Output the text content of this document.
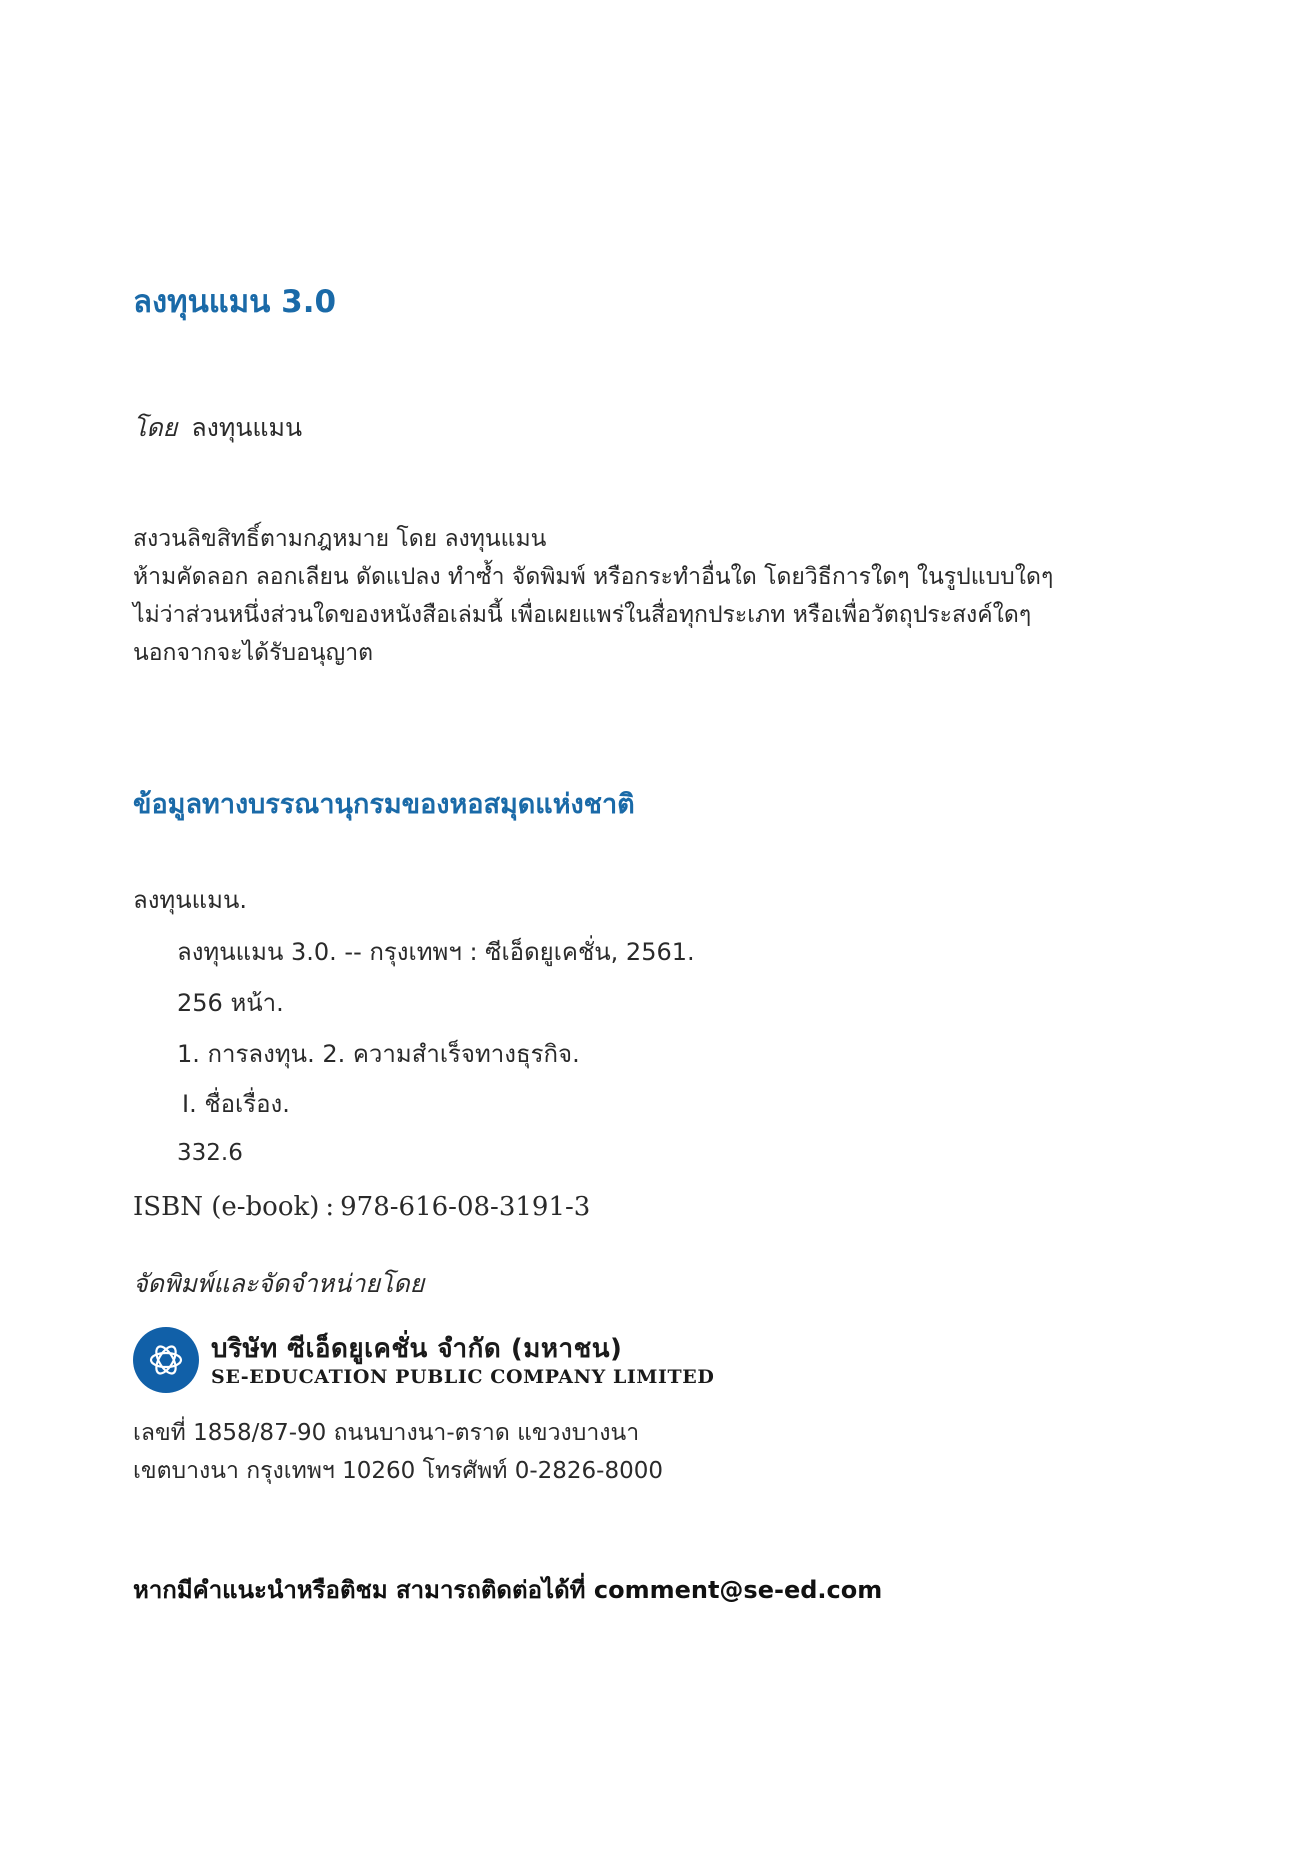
ลงทุนแมน 3.0
โดย ลงทุนแมน
สงวนลิขสิทธิ์ตามกฎหมาย โดย ลงทุนแมน
ห้ามคัดลอก ลอกเลียน ดัดแปลง ทำซ้ำ จัดพิมพ์ หรือกระทำอื่นใด โดยวิธีการใดๆ ในรูปแบบใดๆ
ไม่ว่าส่วนหนึ่งส่วนใดของหนังสือเล่มนี้ เพื่อเผยแพร่ในสื่อทุกประเภท หรือเพื่อวัตถุประสงค์ใดๆ
นอกจากจะได้รับอนุญาต
ข้อมูลทางบรรณานุกรมของหอสมุดแห่งชาติ
ลงทุนแมน.
ลงทุนแมน 3.0. -- กรุงเทพฯ : ซีเอ็ดยูเคชั่น, 2561.
256 หน้า.
1. การลงทุน. 2. ความสำเร็จทางธุรกิจ.
I. ชื่อเรื่อง.
332.6
ISBN (e-book) : 978-616-08-3191-3
จัดพิมพ์และจัดจำหน่ายโดย
บริษัท ซีเอ็ดยูเคชั่น จำกัด (มหาชน)
SE-EDUCATION PUBLIC COMPANY LIMITED
เลขที่ 1858/87-90 ถนนบางนา-ตราด แขวงบางนา
เขตบางนา กรุงเทพฯ 10260 โทรศัพท์ 0-2826-8000
หากมีคำแนะนำหรือติชม สามารถติดต่อได้ที่ comment@se-ed.com
